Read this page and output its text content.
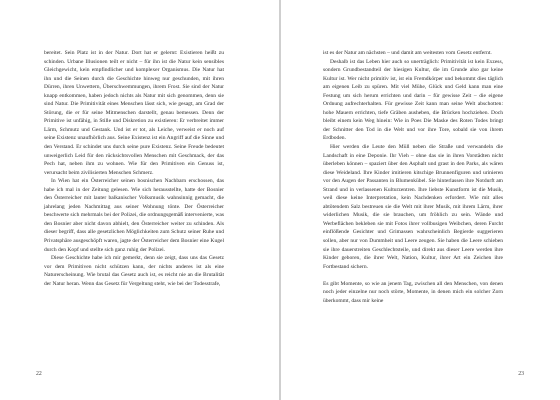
bereitet. Sein Platz ist in der Natur. Dort hat er gelernt: Existieren heißt zu schinden. Urbane Illusionen teilt er nicht – für ihn ist die Natur kein sensibles Gleichgewicht, kein empfindlicher und komplexer Organismus. Die Natur hat ihn und die Seinen durch die Geschichte hinweg nur geschunden, mit ihren Dürren, ihren Unwettern, Überschwemmungen, ihrem Frost. Sie sind der Natur knapp entkommen, haben jedoch nichts als Natur mit sich genommen, denn sie sind Natur. Die Primitivität eines Menschen lässt sich, wie gesagt, am Grad der Störung, die er für seine Mitmenschen darstellt, genau bemessen. Denn der Primitive ist unfähig, in Stille und Diskretion zu existieren: Er verbreitet immer Lärm, Schmutz und Gestank. Und ist er tot, als Leiche, verweist er noch auf seine Existenz unaufhörlich aus. Seine Existenz ist ein Angriff auf die Sinne und den Verstand. Er schindet uns durch seine pure Existenz. Seine Freude bedeutet unweigerlich Leid für den rücksichtsvollen Menschen mit Geschmack, der das Pech hat, neben ihm zu wohnen. Wie für den Primitiven ein Genuss ist, verursacht beim zivilisierten Menschen Schmerz.

In Wien hat ein Österreicher seinen bosnischen Nachbarn erschossen, das habe ich mal in der Zeitung gelesen. Wie sich herausstellte, hatte der Bosnier den Österreicher mit lauter balkanischer Volksmusik wahnsinnig gemacht, die jahrelang jeden Nachmittag aus seiner Wohnung tönte. Der Österreicher beschwerte sich mehrmals bei der Polizei, die ordnungsgemäß intervenierte, was den Bosnier aber nicht davon abhielt, den Österreicher weiter zu schinden. Als dieser begriff, dass alle gesetzlichen Möglichkeiten zum Schutz seiner Ruhe und Privatsphäre ausgeschöpft waren, jagte der Österreicher dem Bosnier eine Kugel durch den Kopf und stellte sich ganz ruhig der Polizei.

Diese Geschichte habe ich mir gemerkt, denn sie zeigt, dass uns das Gesetz vor dem Primitiven nicht schützen kann, der nichts anderes ist als eine Naturerscheinung. Wie brutal das Gesetz auch ist, es reicht nie an die Brutalität der Natur heran. Wenn das Gesetz für Vergeltung steht, wie bei der Todesstrafe,

22

ist es der Natur am nächsten – und damit am weitesten vom Gesetz entfernt.

Deshalb ist das Leben hier auch so unerträglich: Primitivität ist kein Exzess, sondern Grundbestandteil der hiesigen Kultur, die im Grunde also gar keine Kultur ist. Wer nicht primitiv ist, ist ein Fremdkörper und bekommt dies täglich am eigenen Leib zu spüren. Mit viel Mühe, Glück und Geld kann man eine Festung um sich herum errichten und darin – für gewisse Zeit – die eigene Ordnung aufrechterhalten. Für gewisse Zeit kann man seine Welt abschotten: hohe Mauern errichten, tiefe Gräben ausheben, die Brücken hochziehen. Doch bleibt einem kein Weg hinein: Wie in Poes Die Maske des Roten Todes bringt der Schnitter den Tod in die Welt und vor ihre Tore, sobald sie von ihrem Erdboden.

Hier werden die Leute den Müll neben die Straße und verwandeln die Landschaft in eine Deponie. Ihr Vieh – ohne das sie in ihren Vorstädten nicht überleben können – spaziert über den Asphalt und grast in den Parks, als wären diese Weideland. Ihre Kinder imitieren kitschige Brunnenfiguren und urinieren vor den Augen der Passanten in Blumenkübel. Sie hinterlassen ihre Notdurft am Strand und in verlassenen Kulturzentren. Ihre liebste Kunstform ist die Musik, weil diese keine Interpretation, kein Nachdenken erfordert. Wie mit alles abtötendem Salz bestreuen sie die Welt mit ihrer Musik, mit ihrem Lärm, ihrer widerlichen Musik, die sie brauchen, um fröhlich zu sein. Wände und Werbeflächen bekleben sie mit Fotos ihrer vollbusigen Weibchen, deren Furcht einflößende Gesichter und Grimassen wahrscheinlich Begierde suggerieren sollen, aber nur von Dummheit und Leere zeugen. Sie haben die Leere schieben sie ihre dauerstreiten Geschlechtsteile, und direkt aus dieser Leere werden ihre Kinder geboren, die ihrer Welt, Nation, Kultur, ihrer Art ein Zeichen ihre Fortbestand sichern.

Es gibt Momente, so wie an jenem Tag, zwischen all den Menschen, von denen noch jeder einzelne nur noch störte, Momente, in denen mich ein solcher Zorn überkommt, dass mir keine

23
